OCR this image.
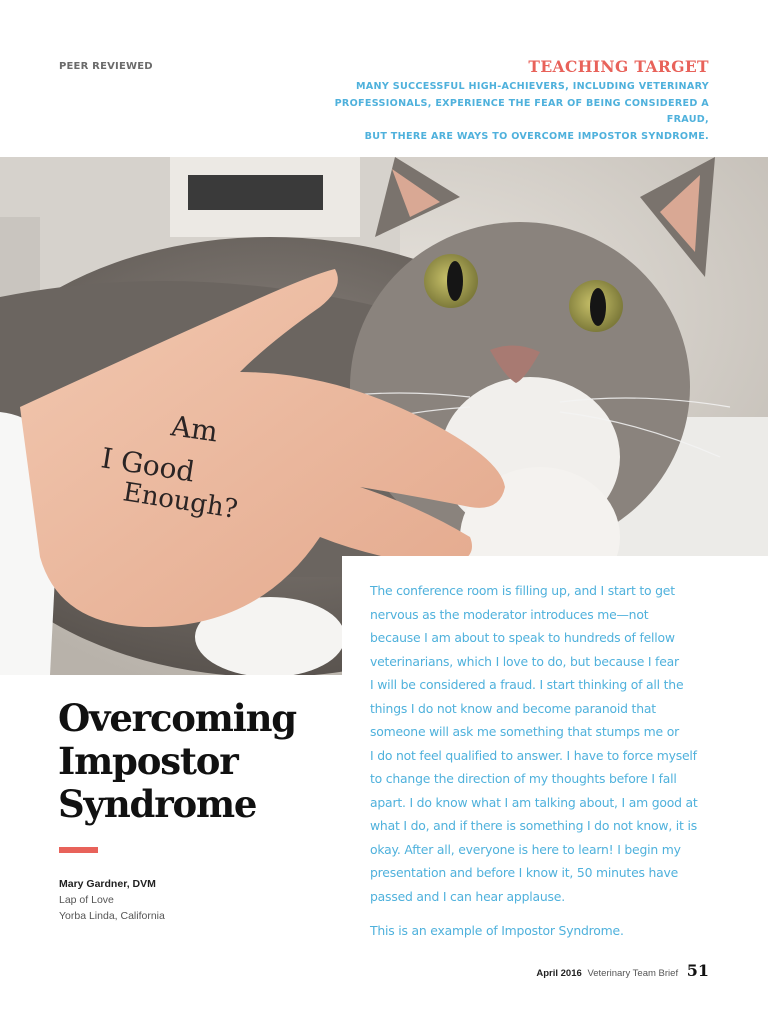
PEER REVIEWED	TEACHING TARGET
MANY SUCCESSFUL HIGH-ACHIEVERS, INCLUDING VETERINARY
PROFESSIONALS, EXPERIENCE THE FEAR OF BEING CONSIDERED A FRAUD,
BUT THERE ARE WAYS TO OVERCOME IMPOSTOR SYNDROME.
Am
I Good
Enough?
Overcoming
Impostor
Syndrome
Mary Gardner, DVM
Lap of Love
Yorba Linda, California

The conference room is filling up, and I start to get
nervous as the moderator introduces me—not
because I am about to speak to hundreds of fellow
veterinarians, which I love to do, but because I fear
I will be considered a fraud. I start thinking of all the
things I do not know and become paranoid that
someone will ask me something that stumps me or
I do not feel qualified to answer. I have to force myself
to change the direction of my thoughts before I fall
apart. I do know what I am talking about, I am good at
what I do, and if there is something I do not know, it is
okay. After all, everyone is here to learn! I begin my
presentation and before I know it, 50 minutes have
passed and I can hear applause.

This is an example of Impostor Syndrome.

April 2016 Veterinary Team Brief 51
